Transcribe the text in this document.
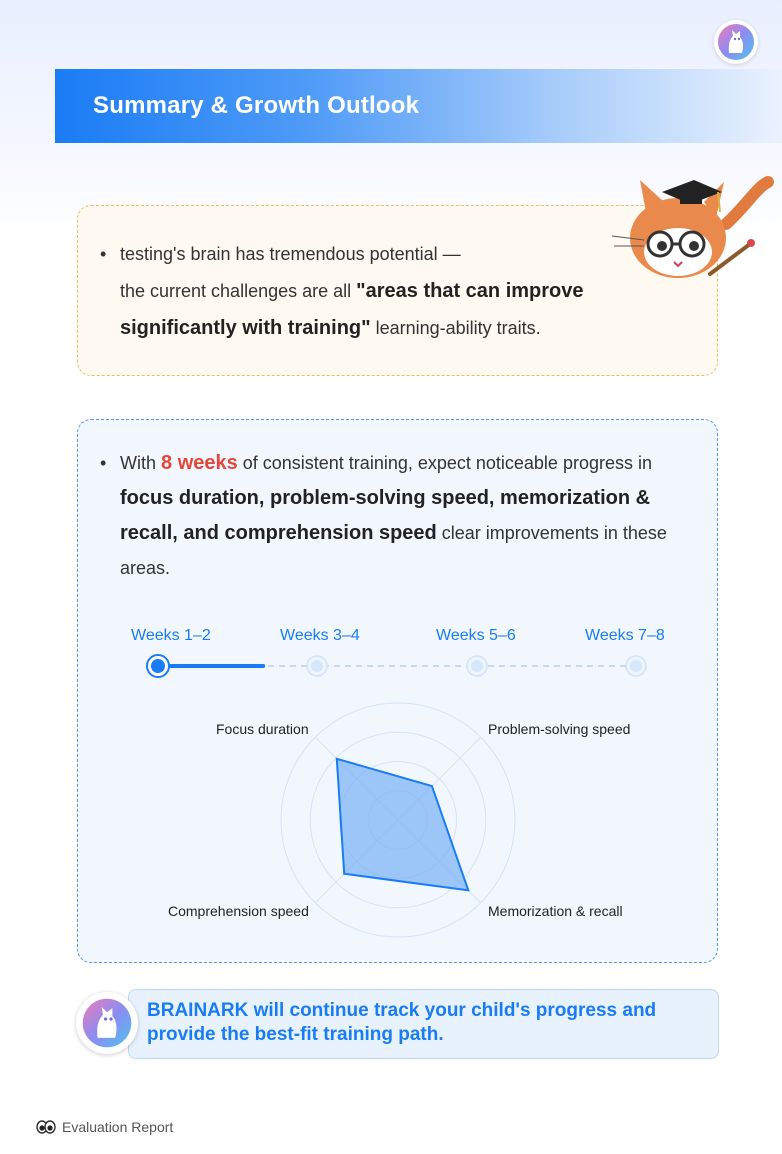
Summary & Growth Outlook
• testing's brain has tremendous potential —
the current challenges are all "areas that can improve significantly with training" learning-ability traits.
• With 8 weeks of consistent training, expect noticeable progress in focus duration, problem-solving speed, memorization & recall, and comprehension speed clear improvements in these areas.
Weeks 1–2	Weeks 3–4	Weeks 5–6	Weeks 7–8
Focus duration	Problem-solving speed
Memorization & recall
Comprehension speed
BRAINARK will continue track your child's progress and provide the best-fit training path.
Evaluation Report
